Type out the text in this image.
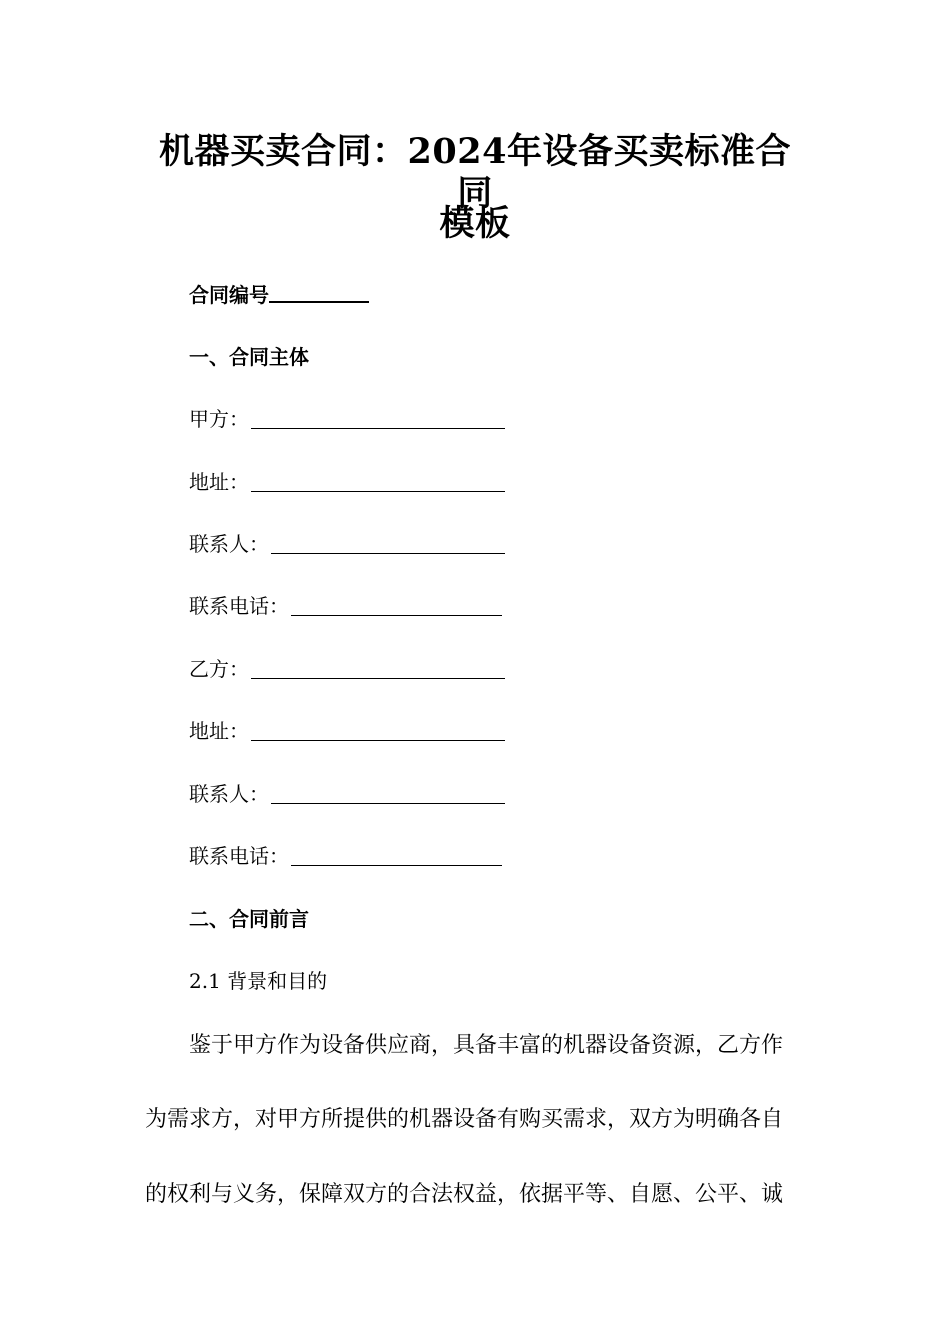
机器买卖合同：2024年设备买卖标准合同
模板
合同编号
一、合同主体
甲方：
地址：
联系人：
联系电话：
乙方：
地址：
联系人：
联系电话：
二、合同前言
2.1 背景和目的
鉴于甲方作为设备供应商，具备丰富的机器设备资源，乙方作
为需求方，对甲方所提供的机器设备有购买需求，双方为明确各自
的权利与义务，保障双方的合法权益，依据平等、自愿、公平、诚
